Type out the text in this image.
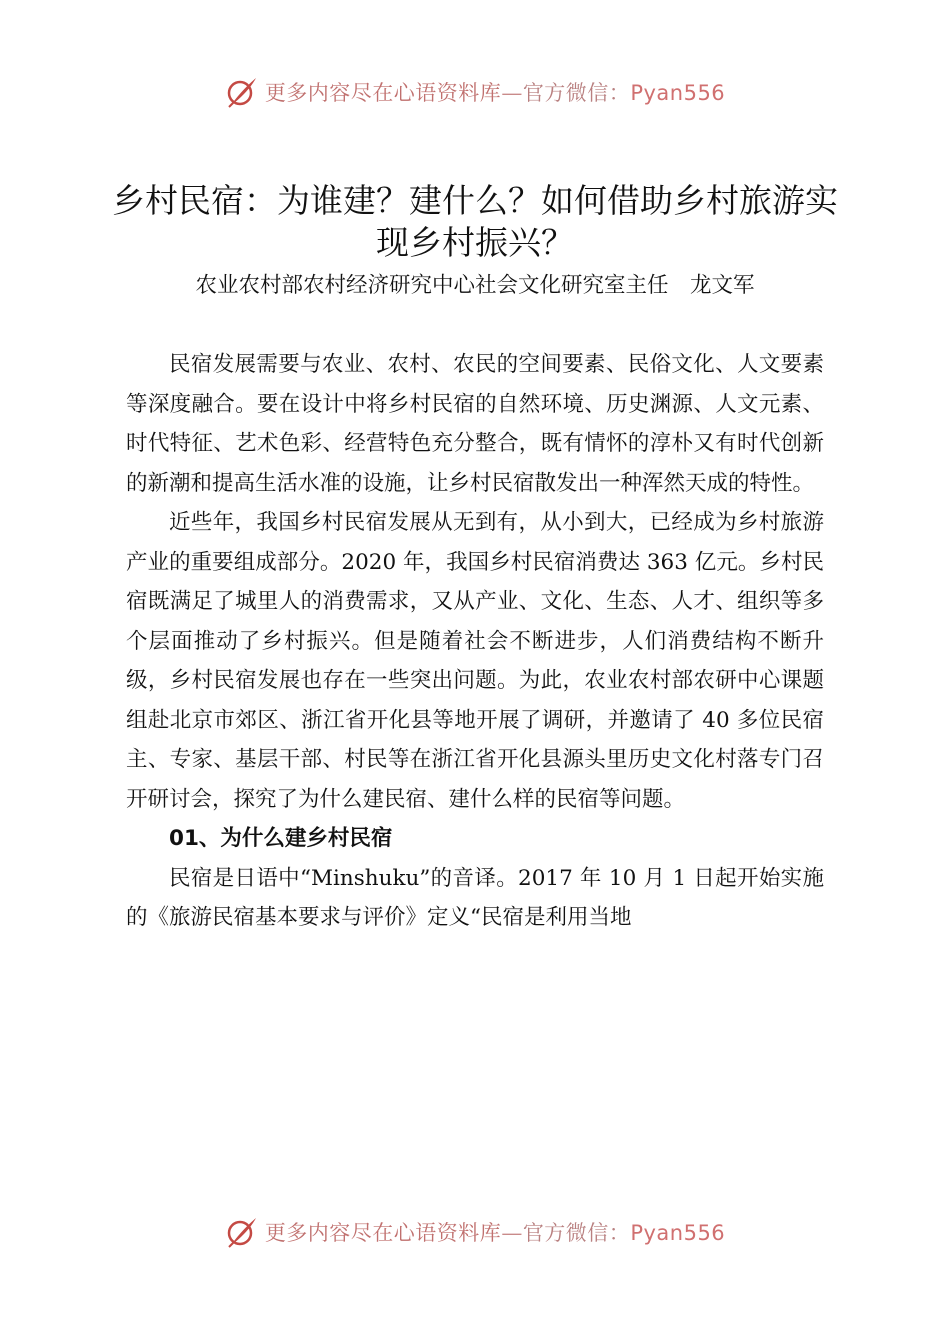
更多内容尽在心语资料库—官方微信：Pyan556
乡村民宿：为谁建？建什么？如何借助乡村旅游实现乡村振兴？

农业农村部农村经济研究中心社会文化研究室主任　龙文军

民宿发展需要与农业、农村、农民的空间要素、民俗文化、人文要素等深度融合。要在设计中将乡村民宿的自然环境、历史渊源、人文元素、时代特征、艺术色彩、经营特色充分整合，既有情怀的淳朴又有时代创新的新潮和提高生活水准的设施，让乡村民宿散发出一种浑然天成的特性。

近些年，我国乡村民宿发展从无到有，从小到大，已经成为乡村旅游产业的重要组成部分。2020 年，我国乡村民宿消费达 363 亿元。乡村民宿既满足了城里人的消费需求，又从产业、文化、生态、人才、组织等多个层面推动了乡村振兴。但是随着社会不断进步，人们消费结构不断升级，乡村民宿发展也存在一些突出问题。为此，农业农村部农研中心课题组赴北京市郊区、浙江省开化县等地开展了调研，并邀请了 40 多位民宿主、专家、基层干部、村民等在浙江省开化县源头里历史文化村落专门召开研讨会，探究了为什么建民宿、建什么样的民宿等问题。

01、为什么建乡村民宿

民宿是日语中“Minshuku”的音译。2017 年 10 月 1 日起开始实施的《旅游民宿基本要求与评价》定义“民宿是利用当地

更多内容尽在心语资料库—官方微信：Pyan556
